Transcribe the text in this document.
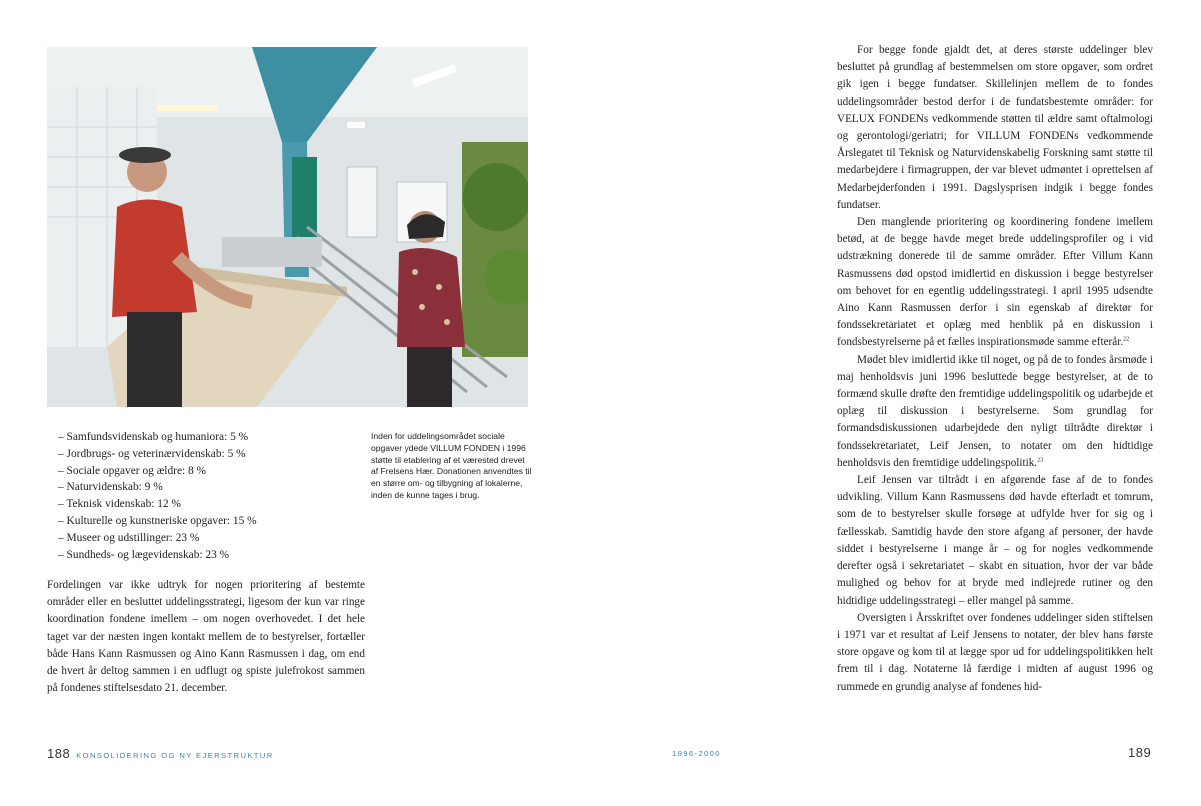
– Samfundsvidenskab og humaniora: 5 %
– Jordbrugs- og veterinærvidenskab: 5 %
– Sociale opgaver og ældre: 8 %
– Naturvidenskab: 9 %
– Teknisk videnskab: 12 %
– Kulturelle og kunstneriske opgaver: 15 %
– Museer og udstillinger: 23 %
– Sundheds- og lægevidenskab: 23 %
Inden for uddelingsområdet sociale opgaver ydede VILLUM FONDEN i 1996 støtte til etablering af et værested drevet af Frelsens Hær. Donationen anvendtes til en større om- og tilbygning af lokalerne, inden de kunne tages i brug.

Fordelingen var ikke udtryk for nogen prioritering af bestemte områder eller en besluttet uddelingsstrategi, ligesom der kun var ringe koordination fondene imellem – om nogen overhovedet. I det hele taget var der næsten ingen kontakt mellem de to bestyrelser, fortæller både Hans Kann Rasmussen og Aino Kann Rasmussen i dag, om end de hvert år deltog sammen i en udflugt og spiste julefrokost sammen på fondenes stiftelsesdato 21. december.

For begge fonde gjaldt det, at deres største uddelinger blev besluttet på grundlag af bestemmelsen om store opgaver, som ordret gik igen i begge fundatser. Skillelinjen mellem de to fondes uddelingsområder bestod derfor i de fundatsbestemte områder: for VELUX FONDENs vedkommende støtten til ældre samt oftalmologi og gerontologi/geriatri; for VILLUM FONDENs vedkommende Årslegatet til Teknisk og Naturvidenskabelig Forskning samt støtte til medarbejdere i firmagruppen, der var blevet udmøntet i oprettelsen af Medarbejderfonden i 1991. Dagslysprisen indgik i begge fondes fundatser.

Den manglende prioritering og koordinering fondene imellem betød, at de begge havde meget brede uddelingsprofiler og i vid udstrækning donerede til de samme områder. Efter Villum Kann Rasmussens død opstod imidlertid en diskussion i begge bestyrelser om behovet for en egentlig uddelingsstrategi. I april 1995 udsendte Aino Kann Rasmussen derfor i sin egenskab af direktør for fondssekretariatet et oplæg med henblik på en diskussion i fondsbestyrelserne på et fælles inspirationsmøde samme efterår.$^{22}$

Mødet blev imidlertid ikke til noget, og på de to fondes årsmøde i maj henholdsvis juni 1996 besluttede begge bestyrelser, at de to formænd skulle drøfte den fremtidige uddelingspolitik og udarbejde et oplæg til diskussion i bestyrelserne. Som grundlag for formandsdiskussionen udarbejdede den nyligt tiltrådte direktør i fondssekretariatet, Leif Jensen, to notater om den hidtidige henholdsvis den fremtidige uddelingspolitik.$^{23}$

Leif Jensen var tiltrådt i en afgørende fase af de to fondes udvikling. Villum Kann Rasmussens død havde efterladt et tomrum, som de to bestyrelser skulle forsøge at udfylde hver for sig og i fællesskab. Samtidig havde den store afgang af personer, der havde siddet i bestyrelserne i mange år – og for nogles vedkommende derefter også i sekretariatet – skabt en situation, hvor der var både mulighed og behov for at bryde med indlejrede rutiner og den hidtidige uddelingsstrategi – eller mangel på samme.

Oversigten i Årsskriftet over fondenes uddelinger siden stiftelsen i 1971 var et resultat af Leif Jensens to notater, der blev hans første store opgave og kom til at lægge spor ud for uddelingspolitikken helt frem til i dag. Notaterne lå færdige i midten af august 1996 og rummede en grundig analyse af fondenes hid-

188 KONSOLIDERING OG NY EJERSTRUKTUR	1996-2000	189
